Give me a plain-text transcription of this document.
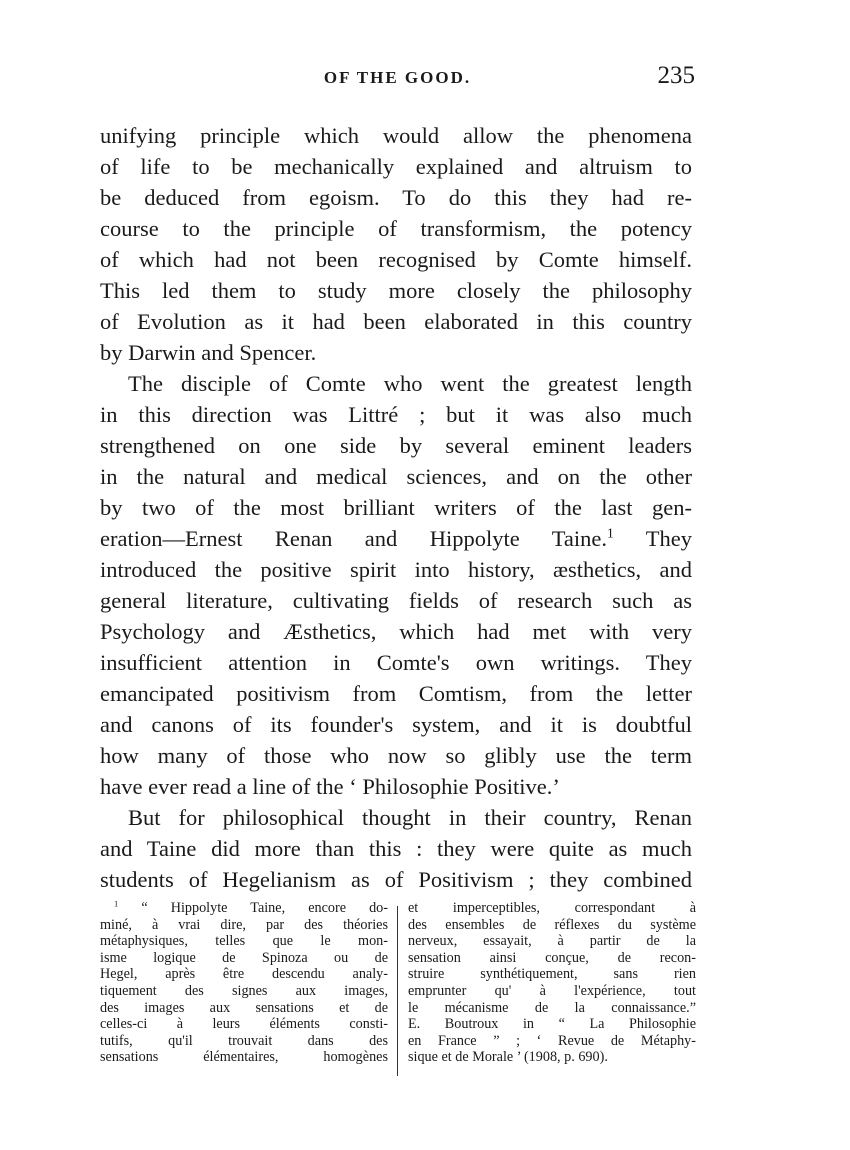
OF THE GOOD.	235
unifying principle which would allow the phenomena
of life to be mechanically explained and altruism to
be deduced from egoism. To do this they had re-
course to the principle of transformism, the potency
of which had not been recognised by Comte himself.
This led them to study more closely the philosophy
of Evolution as it had been elaborated in this country
by Darwin and Spencer.
The disciple of Comte who went the greatest length
in this direction was Littré ; but it was also much
strengthened on one side by several eminent leaders
in the natural and medical sciences, and on the other
by two of the most brilliant writers of the last gen-
eration—Ernest Renan and Hippolyte Taine.$^1$ They
introduced the positive spirit into history, æsthetics, and
general literature, cultivating fields of research such as
Psychology and Æsthetics, which had met with very
insufficient attention in Comte's own writings. They
emancipated positivism from Comtism, from the letter
and canons of its founder's system, and it is doubtful
how many of those who now so glibly use the term
have ever read a line of the ‘ Philosophie Positive.’
But for philosophical thought in their country, Renan
and Taine did more than this : they were quite as much
students of Hegelianism as of Positivism ; they combined
$^1$ “ Hippolyte Taine, encore do-
miné, à vrai dire, par des théories
métaphysiques, telles que le mon-
isme logique de Spinoza ou de
Hegel, après être descendu analy-
tiquement des signes aux images,
des images aux sensations et de
celles-ci à leurs éléments consti-
tutifs, qu'il trouvait dans des
sensations élémentaires, homogènes
et imperceptibles, correspondant à
des ensembles de réflexes du système
nerveux, essayait, à partir de la
sensation ainsi conçue, de recon-
struire synthétiquement, sans rien
emprunter qu' à l'expérience, tout
le mécanisme de la connaissance.”
E. Boutroux in “ La Philosophie
en France ” ; ‘ Revue de Métaphy-
sique et de Morale ’ (1908, p. 690).
